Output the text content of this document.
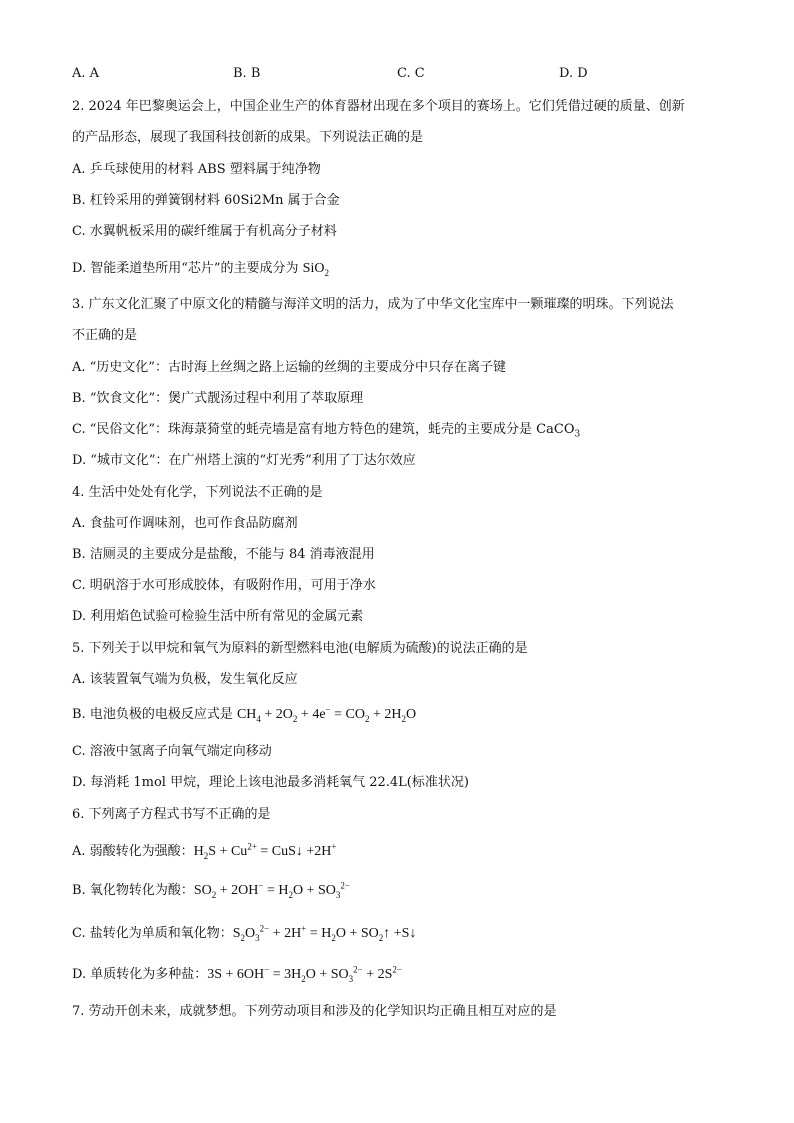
A. A	B. B	C. C	D. D
2. 2024 年巴黎奥运会上，中国企业生产的体育器材出现在多个项目的赛场上。它们凭借过硬的质量、创新
的产品形态，展现了我国科技创新的成果。下列说法正确的是
A. 乒乓球使用的材料 ABS 塑料属于纯净物
B. 杠铃采用的弹簧钢材料 60Si2Mn 属于合金
C. 水翼帆板采用的碳纤维属于有机高分子材料
D. 智能柔道垫所用“芯片”的主要成分为 SiO$_2$
3. 广东文化汇聚了中原文化的精髓与海洋文明的活力，成为了中华文化宝库中一颗璀璨的明珠。下列说法
不正确的是
A. “历史文化”：古时海上丝绸之路上运输的丝绸的主要成分中只存在离子键
B. “饮食文化”：煲广式靓汤过程中利用了萃取原理
C. “民俗文化”：珠海菉猗堂的蚝壳墙是富有地方特色的建筑，蚝壳的主要成分是 CaCO$_3$
D. “城市文化”：在广州塔上演的“灯光秀”利用了丁达尔效应
4. 生活中处处有化学，下列说法不正确的是
A. 食盐可作调味剂，也可作食品防腐剂
B. 洁厕灵的主要成分是盐酸，不能与 84 消毒液混用
C. 明矾溶于水可形成胶体，有吸附作用，可用于净水
D. 利用焰色试验可检验生活中所有常见的金属元素
5. 下列关于以甲烷和氧气为原料的新型燃料电池(电解质为硫酸)的说法正确的是
A. 该装置氧气端为负极，发生氧化反应
B. 电池负极的电极反应式是 $CH_4 + 2O_2 + 4e^- = CO_2 + 2H_2O$
C. 溶液中氢离子向氧气端定向移动
D. 每消耗 1mol 甲烷，理论上该电池最多消耗氧气 22.4L(标准状况)
6. 下列离子方程式书写不正确的是
A. 弱酸转化为强酸：$H_2S + Cu^{2+}$ = CuS↓ +2H+
B. 氧化物转化为酸：$SO_2 + 2OH^- = H_2O + SO_3^{2-}$
C. 盐转化为单质和氧化物：$S_2O_3^{2-} + 2H^+ = H_2O$ + $SO_2↑$ +S↓
D. 单质转化为多种盐：$3S + 6OH^- = 3H_2O + SO_3^{2-} + 2S^{2-}$
7. 劳动开创未来，成就梦想。下列劳动项目和涉及的化学知识均正确且相互对应的是
